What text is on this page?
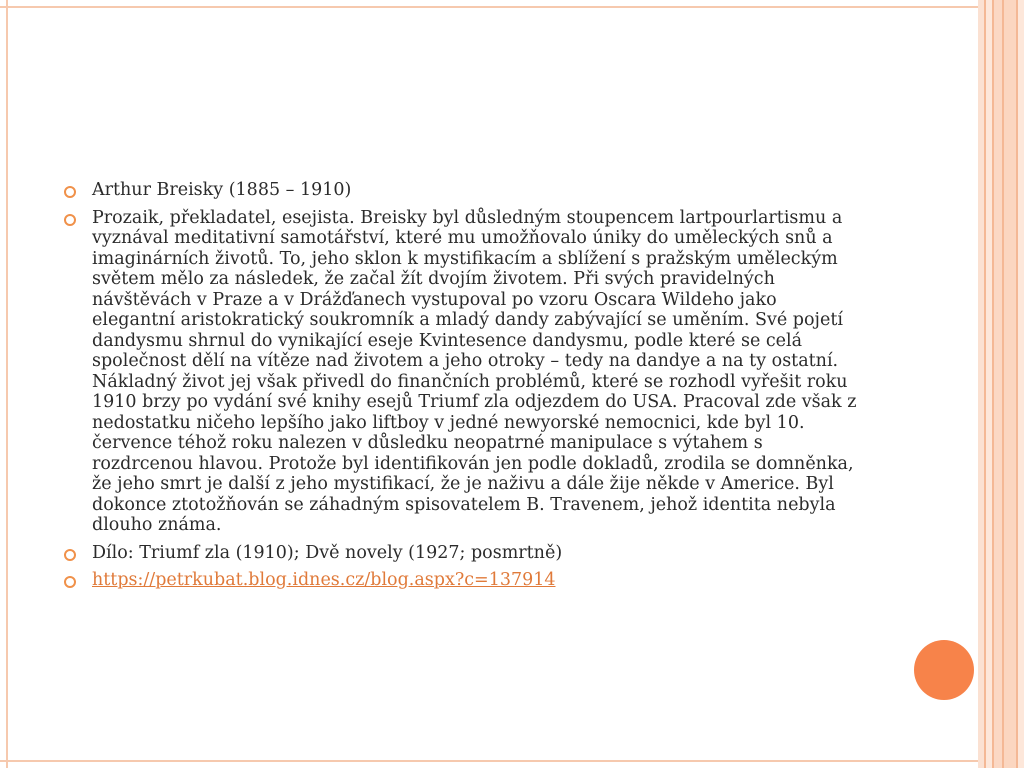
Arthur Breisky (1885 – 1910)
Prozaik, překladatel, esejista. Breisky byl důsledným stoupencem lartpourlartismu a vyznával meditativní samotářství, které mu umožňovalo úniky do uměleckých snů a imaginárních životů. To, jeho sklon k mystifikacím a sblížení s pražským uměleckým světem mělo za následek, že začal žít dvojím životem. Při svých pravidelných návštěvách v Praze a v Drážďanech vystupoval po vzoru Oscara Wildeho jako elegantní aristokratický soukromník a mladý dandy zabývající se uměním. Své pojetí dandysmu shrnul do vynikající eseje Kvintesence dandysmu, podle které se celá společnost dělí na vítěze nad životem a jeho otroky – tedy na dandye a na ty ostatní. Nákladný život jej však přivedl do finančních problémů, které se rozhodl vyřešit roku 1910 brzy po vydání své knihy esejů Triumf zla odjezdem do USA. Pracoval zde však z nedostatku ničeho lepšího jako liftboy v jedné newyorské nemocnici, kde byl 10. července téhož roku nalezen v důsledku neopatrné manipulace s výtahem s rozdrcenou hlavou. Protože byl identifikován jen podle dokladů, zrodila se domněnka, že jeho smrt je další z jeho mystifikací, že je naživu a dále žije někde v Americe. Byl dokonce ztotožňován se záhadným spisovatelem B. Travenem, jehož identita nebyla dlouho známa.
Dílo: Triumf zla (1910); Dvě novely (1927; posmrtně)
https://petrkubat.blog.idnes.cz/blog.aspx?c=137914
